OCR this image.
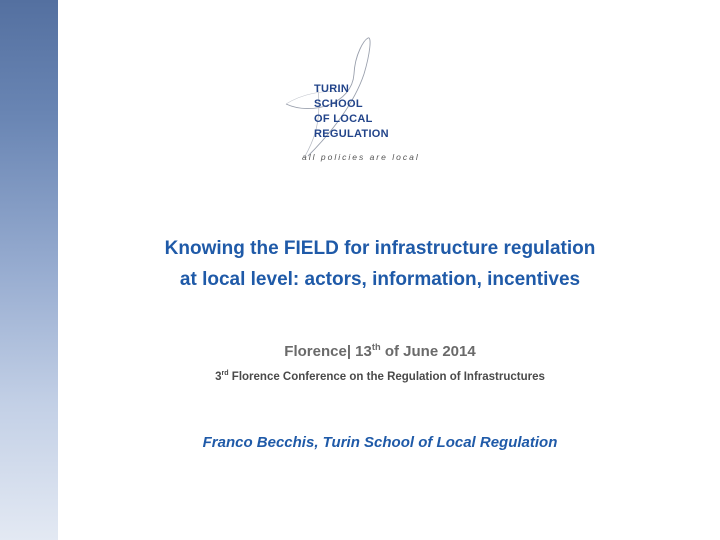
TURIN
SCHOOL
OF LOCAL
REGULATION
all policies are local
Knowing the FIELD for infrastructure regulation
at local level: actors, information, incentives
Florence| 13th of June 2014
3rd Florence Conference on the Regulation of Infrastructures
Franco Becchis, Turin School of Local Regulation
